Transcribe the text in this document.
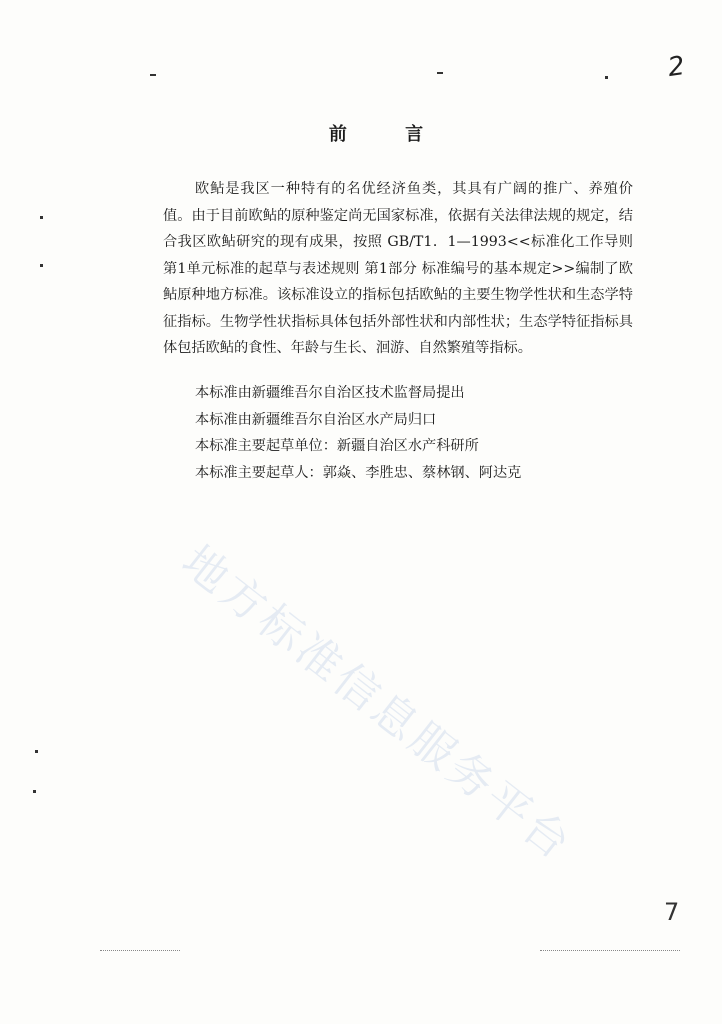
2
前 言

欧鲇是我区一种特有的名优经济鱼类，其具有广阔的推广、养殖价值。由于目前欧鲇的原种鉴定尚无国家标准，依据有关法律法规的规定，结合我区欧鲇研究的现有成果，按照 GB/T1．1—1993<<标准化工作导则 第1单元标准的起草与表述规则 第1部分 标准编号的基本规定>>编制了欧鲇原种地方标准。该标准设立的指标包括欧鲇的主要生物学性状和生态学特征指标。生物学性状指标具体包括外部性状和内部性状；生态学特征指标具体包括欧鲇的食性、年龄与生长、洄游、自然繁殖等指标。

本标准由新疆维吾尔自治区技术监督局提出
本标准由新疆维吾尔自治区水产局归口
本标准主要起草单位：新疆自治区水产科研所
本标准主要起草人：郭焱、李胜忠、蔡林钢、阿达克
地方标准信息服务平台
7
